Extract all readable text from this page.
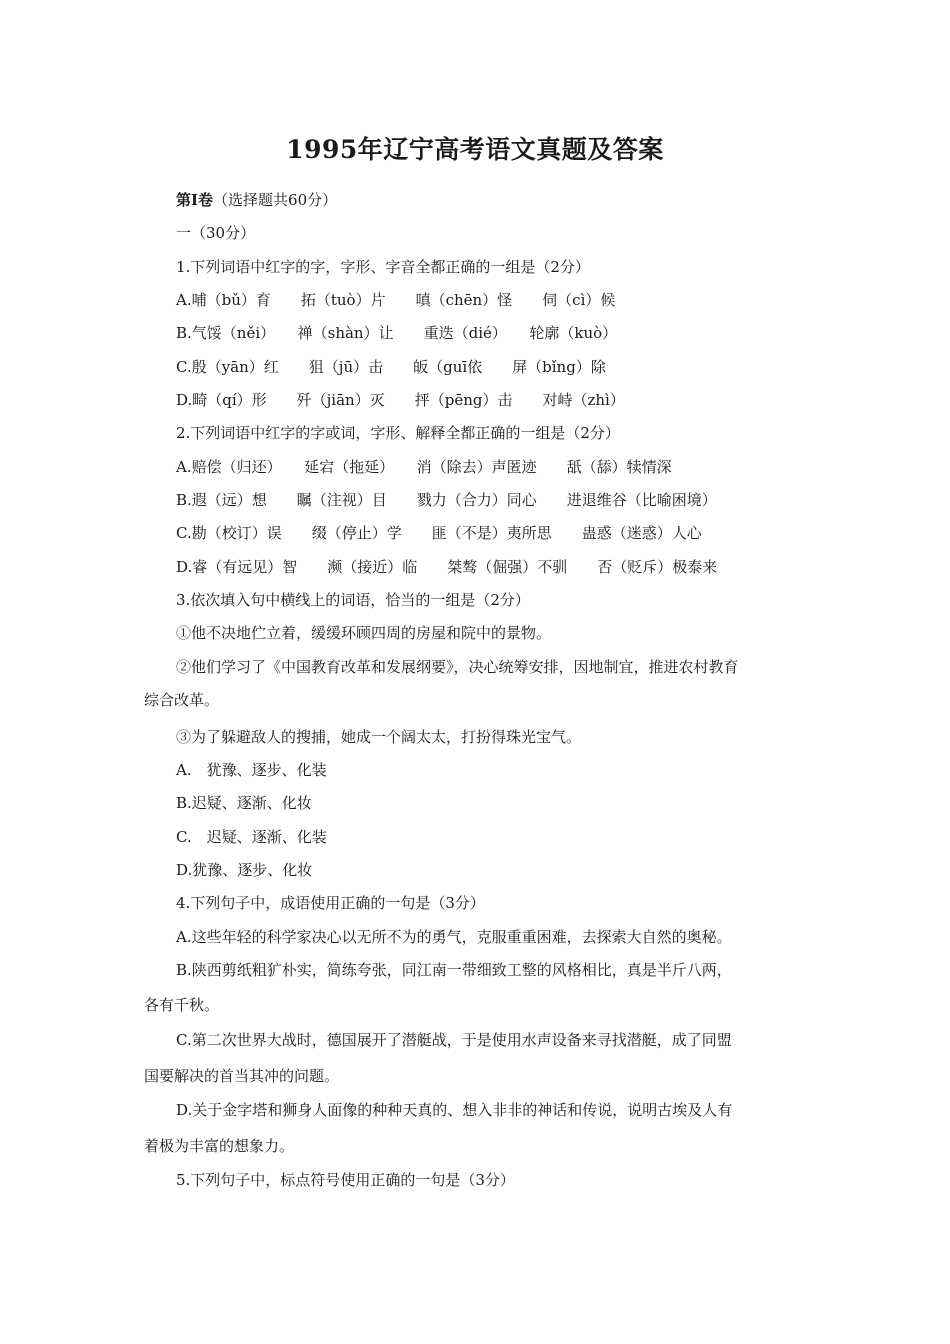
1995年辽宁高考语文真题及答案
第Ⅰ卷（选择题共60分）
一（30分）
1.下列词语中红字的字，字形、字音全都正确的一组是（2分）
A.哺（bǔ）育　　拓（tuò）片　　嗔（chēn）怪　　伺（cì）候
B.气馁（něi）　　禅（shàn）让　　重迭（dié）　　轮廓（kuò）
C.殷（yān）红　　狙（jū）击　　皈（guī依　　屏（bǐng）除
D.畸（qí）形　　歼（jiān）灭　　抨（pēng）击　　对峙（zhì）
2.下列词语中红字的字或词，字形、解释全都正确的一组是（2分）
A.赔偿（归还）　　延宕（拖延）　　消（除去）声匿迹　　舐（舔）犊情深
B.遐（远）想　　瞩（注视）目　　戮力（合力）同心　　进退维谷（比喻困境）
C.勘（校订）误　　缀（停止）学　　匪（不是）夷所思　　蛊惑（迷惑）人心
D.睿（有远见）智　　濒（接近）临　　桀骜（倔强）不驯　　否（贬斥）极泰来
3.依次填入句中横线上的词语，恰当的一组是（2分）
①他不决地伫立着，缓缓环顾四周的房屋和院中的景物。
②他们学习了《中国教育改革和发展纲要》，决心统筹安排，因地制宜，推进农村教育
综合改革。
③为了躲避敌人的搜捕，她成一个阔太太，打扮得珠光宝气。
A.　犹豫、逐步、化装
B.迟疑、逐渐、化妆
C.　迟疑、逐渐、化装
D.犹豫、逐步、化妆
4.下列句子中，成语使用正确的一句是（3分）
A.这些年轻的科学家决心以无所不为的勇气，克服重重困难，去探索大自然的奥秘。
B.陕西剪纸粗犷朴实，简练夸张，同江南一带细致工整的风格相比，真是半斤八两，
各有千秋。
C.第二次世界大战时，德国展开了潜艇战，于是使用水声设备来寻找潜艇，成了同盟
国要解决的首当其冲的问题。
D.关于金字塔和狮身人面像的种种天真的、想入非非的神话和传说，说明古埃及人有
着极为丰富的想象力。
5.下列句子中，标点符号使用正确的一句是（3分）
